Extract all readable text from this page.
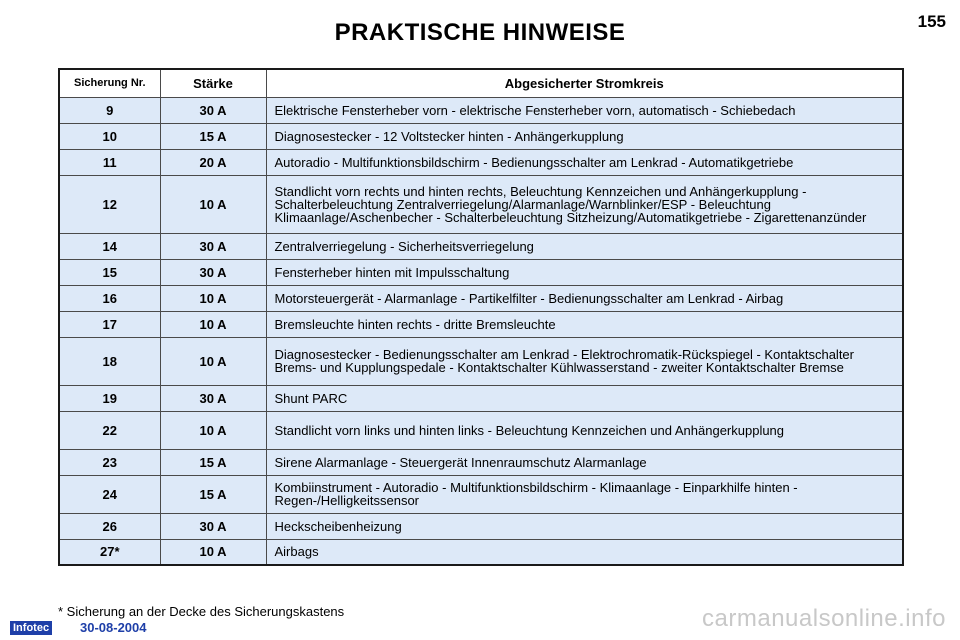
PRAKTISCHE HINWEISE	155
Sicherung Nr.	Stärke	Abgesicherter Stromkreis
9	30 A	Elektrische Fensterheber vorn - elektrische Fensterheber vorn, automatisch - Schiebedach
10	15 A	Diagnosestecker - 12 Voltstecker hinten - Anhängerkupplung
11	20 A	Autoradio - Multifunktionsbildschirm - Bedienungsschalter am Lenkrad - Automatikgetriebe
12	10 A	Standlicht vorn rechts und hinten rechts, Beleuchtung Kennzeichen und Anhängerkupplung - Schalterbeleuchtung Zentralverriegelung/Alarmanlage/Warnblinker/ESP - Beleuchtung Klimaanlage/Aschenbecher - Schalterbeleuchtung Sitzheizung/Automatikgetriebe - Zigarettenanzünder
14	30 A	Zentralverriegelung - Sicherheitsverriegelung
15	30 A	Fensterheber hinten mit Impulsschaltung
16	10 A	Motorsteuergerät - Alarmanlage - Partikelfilter - Bedienungsschalter am Lenkrad - Airbag
17	10 A	Bremsleuchte hinten rechts - dritte Bremsleuchte
18	10 A	Diagnosestecker - Bedienungsschalter am Lenkrad - Elektrochromatik-Rückspiegel - Kontaktschalter Brems- und Kupplungspedale - Kontaktschalter Kühlwasserstand - zweiter Kontaktschalter Bremse
19	30 A	Shunt PARC
22	10 A	Standlicht vorn links und hinten links - Beleuchtung Kennzeichen und Anhängerkupplung
23	15 A	Sirene Alarmanlage - Steuergerät Innenraumschutz Alarmanlage
24	15 A	Kombiinstrument - Autoradio - Multifunktionsbildschirm - Klimaanlage - Einparkhilfe hinten - Regen-/Helligkeitssensor
26	30 A	Heckscheibenheizung
27*	10 A	Airbags
* Sicherung an der Decke des Sicherungskastens
Infotec 30-08-2004	carmanualsonline.info
